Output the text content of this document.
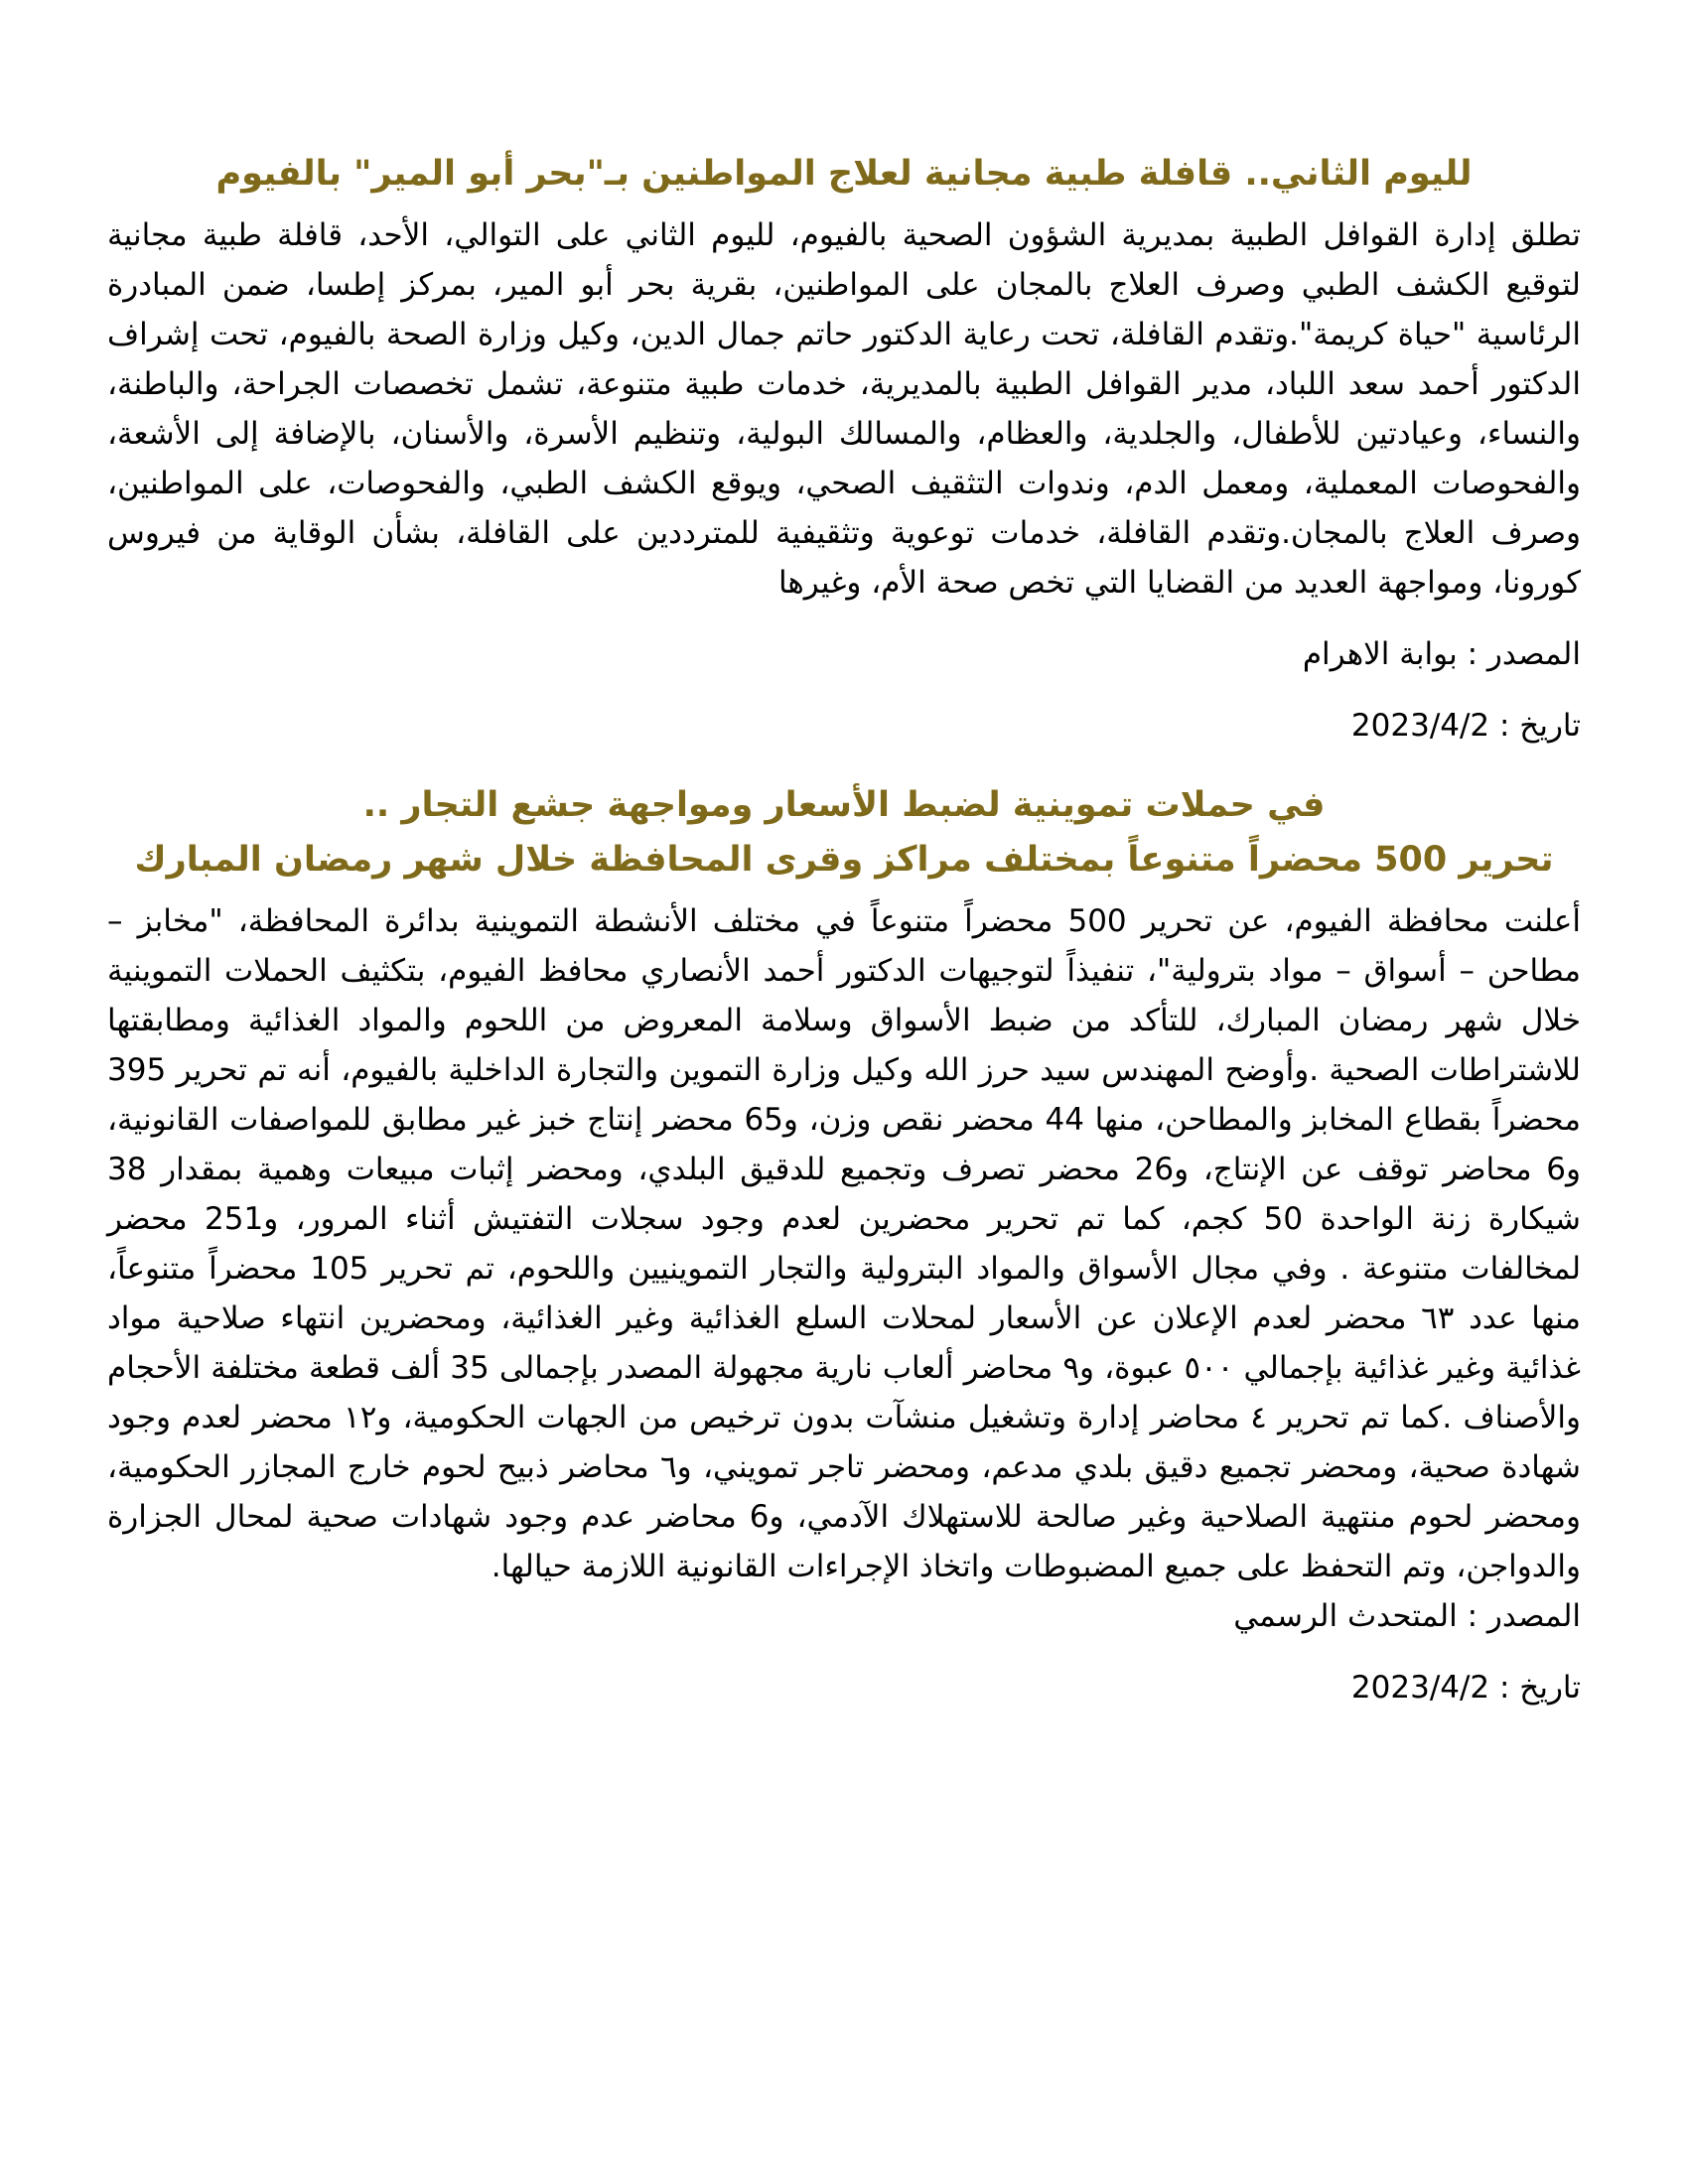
لليوم الثاني.. قافلة طبية مجانية لعلاج المواطنين بـ"بحر أبو المير" بالفيوم

تطلق إدارة القوافل الطبية بمديرية الشؤون الصحية بالفيوم، لليوم الثاني على التوالي، الأحد، قافلة طبية مجانية لتوقيع الكشف الطبي وصرف العلاج بالمجان على المواطنين، بقرية بحر أبو المير، بمركز إطسا، ضمن المبادرة الرئاسية "حياة كريمة".وتقدم القافلة، تحت رعاية الدكتور حاتم جمال الدين، وكيل وزارة الصحة بالفيوم، تحت إشراف الدكتور أحمد سعد اللباد، مدير القوافل الطبية بالمديرية، خدمات طبية متنوعة، تشمل تخصصات الجراحة، والباطنة، والنساء، وعيادتين للأطفال، والجلدية، والعظام، والمسالك البولية، وتنظيم الأسرة، والأسنان، بالإضافة إلى الأشعة، والفحوصات المعملية، ومعمل الدم، وندوات التثقيف الصحي، ويوقع الكشف الطبي، والفحوصات، على المواطنين، وصرف العلاج بالمجان.وتقدم القافلة، خدمات توعوية وتثقيفية للمترددين على القافلة، بشأن الوقاية من فيروس كورونا، ومواجهة العديد من القضايا التي تخص صحة الأم، وغيرها

المصدر : بوابة الاهرام

تاريخ : 2023/4/2

في حملات تموينية لضبط الأسعار ومواجهة جشع التجار ..
تحرير 500 محضراً متنوعاً بمختلف مراكز وقرى المحافظة خلال شهر رمضان المبارك

أعلنت محافظة الفيوم، عن تحرير 500 محضراً متنوعاً في مختلف الأنشطة التموينية بدائرة المحافظة، "مخابز – مطاحن – أسواق – مواد بترولية"، تنفيذاً لتوجيهات الدكتور أحمد الأنصاري محافظ الفيوم، بتكثيف الحملات التموينية خلال شهر رمضان المبارك، للتأكد من ضبط الأسواق وسلامة المعروض من اللحوم والمواد الغذائية ومطابقتها للاشتراطات الصحية .وأوضح المهندس سيد حرز الله وكيل وزارة التموين والتجارة الداخلية بالفيوم، أنه تم تحرير 395 محضراً بقطاع المخابز والمطاحن، منها 44 محضر نقص وزن، و65 محضر إنتاج خبز غير مطابق للمواصفات القانونية، و6 محاضر توقف عن الإنتاج، و26 محضر تصرف وتجميع للدقيق البلدي، ومحضر إثبات مبيعات وهمية بمقدار 38 شيكارة زنة الواحدة 50 كجم، كما تم تحرير محضرين لعدم وجود سجلات التفتيش أثناء المرور، و251 محضر لمخالفات متنوعة . وفي مجال الأسواق والمواد البترولية والتجار التموينيين واللحوم، تم تحرير 105 محضراً متنوعاً، منها عدد ٦٣ محضر لعدم الإعلان عن الأسعار لمحلات السلع الغذائية وغير الغذائية، ومحضرين انتهاء صلاحية مواد غذائية وغير غذائية بإجمالي ٥٠٠ عبوة، و٩ محاضر ألعاب نارية مجهولة المصدر بإجمالى 35 ألف قطعة مختلفة الأحجام والأصناف .كما تم تحرير ٤ محاضر إدارة وتشغيل منشآت بدون ترخيص من الجهات الحكومية، و١٢ محضر لعدم وجود شهادة صحية، ومحضر تجميع دقيق بلدي مدعم، ومحضر تاجر تمويني، و٦ محاضر ذبيح لحوم خارج المجازر الحكومية، ومحضر لحوم منتهية الصلاحية وغير صالحة للاستهلاك الآدمي، و6 محاضر عدم وجود شهادات صحية لمحال الجزارة والدواجن، وتم التحفظ على جميع المضبوطات واتخاذ الإجراءات القانونية اللازمة حيالها.

المصدر : المتحدث الرسمي

تاريخ : 2023/4/2
